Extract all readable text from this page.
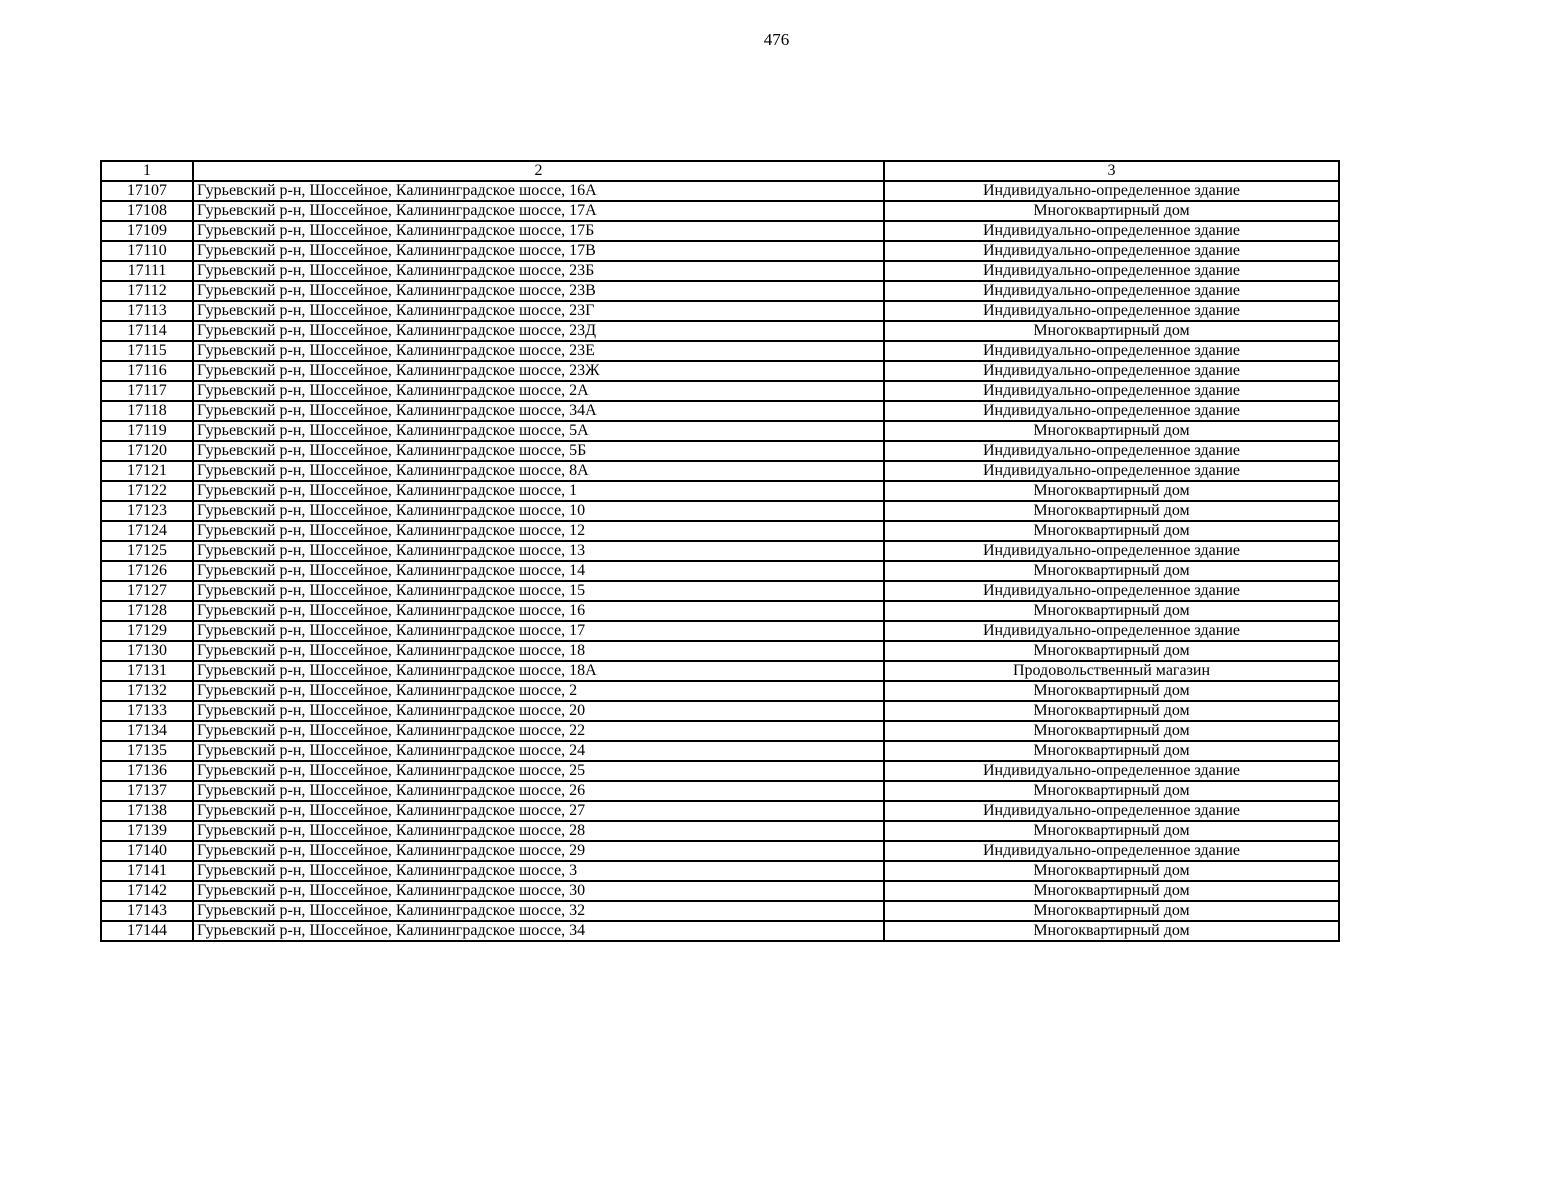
476
1	2	3
17107	Гурьевский р-н, Шоссейное, Калининградское шоссе, 16А	Индивидуально-определенное здание
17108	Гурьевский р-н, Шоссейное, Калининградское шоссе, 17А	Многоквартирный дом
17109	Гурьевский р-н, Шоссейное, Калининградское шоссе, 17Б	Индивидуально-определенное здание
17110	Гурьевский р-н, Шоссейное, Калининградское шоссе, 17В	Индивидуально-определенное здание
17111	Гурьевский р-н, Шоссейное, Калининградское шоссе, 23Б	Индивидуально-определенное здание
17112	Гурьевский р-н, Шоссейное, Калининградское шоссе, 23В	Индивидуально-определенное здание
17113	Гурьевский р-н, Шоссейное, Калининградское шоссе, 23Г	Индивидуально-определенное здание
17114	Гурьевский р-н, Шоссейное, Калининградское шоссе, 23Д	Многоквартирный дом
17115	Гурьевский р-н, Шоссейное, Калининградское шоссе, 23Е	Индивидуально-определенное здание
17116	Гурьевский р-н, Шоссейное, Калининградское шоссе, 23Ж	Индивидуально-определенное здание
17117	Гурьевский р-н, Шоссейное, Калининградское шоссе, 2А	Индивидуально-определенное здание
17118	Гурьевский р-н, Шоссейное, Калининградское шоссе, 34А	Индивидуально-определенное здание
17119	Гурьевский р-н, Шоссейное, Калининградское шоссе, 5А	Многоквартирный дом
17120	Гурьевский р-н, Шоссейное, Калининградское шоссе, 5Б	Индивидуально-определенное здание
17121	Гурьевский р-н, Шоссейное, Калининградское шоссе, 8А	Индивидуально-определенное здание
17122	Гурьевский р-н, Шоссейное, Калининградское шоссе, 1	Многоквартирный дом
17123	Гурьевский р-н, Шоссейное, Калининградское шоссе, 10	Многоквартирный дом
17124	Гурьевский р-н, Шоссейное, Калининградское шоссе, 12	Многоквартирный дом
17125	Гурьевский р-н, Шоссейное, Калининградское шоссе, 13	Индивидуально-определенное здание
17126	Гурьевский р-н, Шоссейное, Калининградское шоссе, 14	Многоквартирный дом
17127	Гурьевский р-н, Шоссейное, Калининградское шоссе, 15	Индивидуально-определенное здание
17128	Гурьевский р-н, Шоссейное, Калининградское шоссе, 16	Многоквартирный дом
17129	Гурьевский р-н, Шоссейное, Калининградское шоссе, 17	Индивидуально-определенное здание
17130	Гурьевский р-н, Шоссейное, Калининградское шоссе, 18	Многоквартирный дом
17131	Гурьевский р-н, Шоссейное, Калининградское шоссе, 18А	Продовольственный магазин
17132	Гурьевский р-н, Шоссейное, Калининградское шоссе, 2	Многоквартирный дом
17133	Гурьевский р-н, Шоссейное, Калининградское шоссе, 20	Многоквартирный дом
17134	Гурьевский р-н, Шоссейное, Калининградское шоссе, 22	Многоквартирный дом
17135	Гурьевский р-н, Шоссейное, Калининградское шоссе, 24	Многоквартирный дом
17136	Гурьевский р-н, Шоссейное, Калининградское шоссе, 25	Индивидуально-определенное здание
17137	Гурьевский р-н, Шоссейное, Калининградское шоссе, 26	Многоквартирный дом
17138	Гурьевский р-н, Шоссейное, Калининградское шоссе, 27	Индивидуально-определенное здание
17139	Гурьевский р-н, Шоссейное, Калининградское шоссе, 28	Многоквартирный дом
17140	Гурьевский р-н, Шоссейное, Калининградское шоссе, 29	Индивидуально-определенное здание
17141	Гурьевский р-н, Шоссейное, Калининградское шоссе, 3	Многоквартирный дом
17142	Гурьевский р-н, Шоссейное, Калининградское шоссе, 30	Многоквартирный дом
17143	Гурьевский р-н, Шоссейное, Калининградское шоссе, 32	Многоквартирный дом
17144	Гурьевский р-н, Шоссейное, Калининградское шоссе, 34	Многоквартирный дом
